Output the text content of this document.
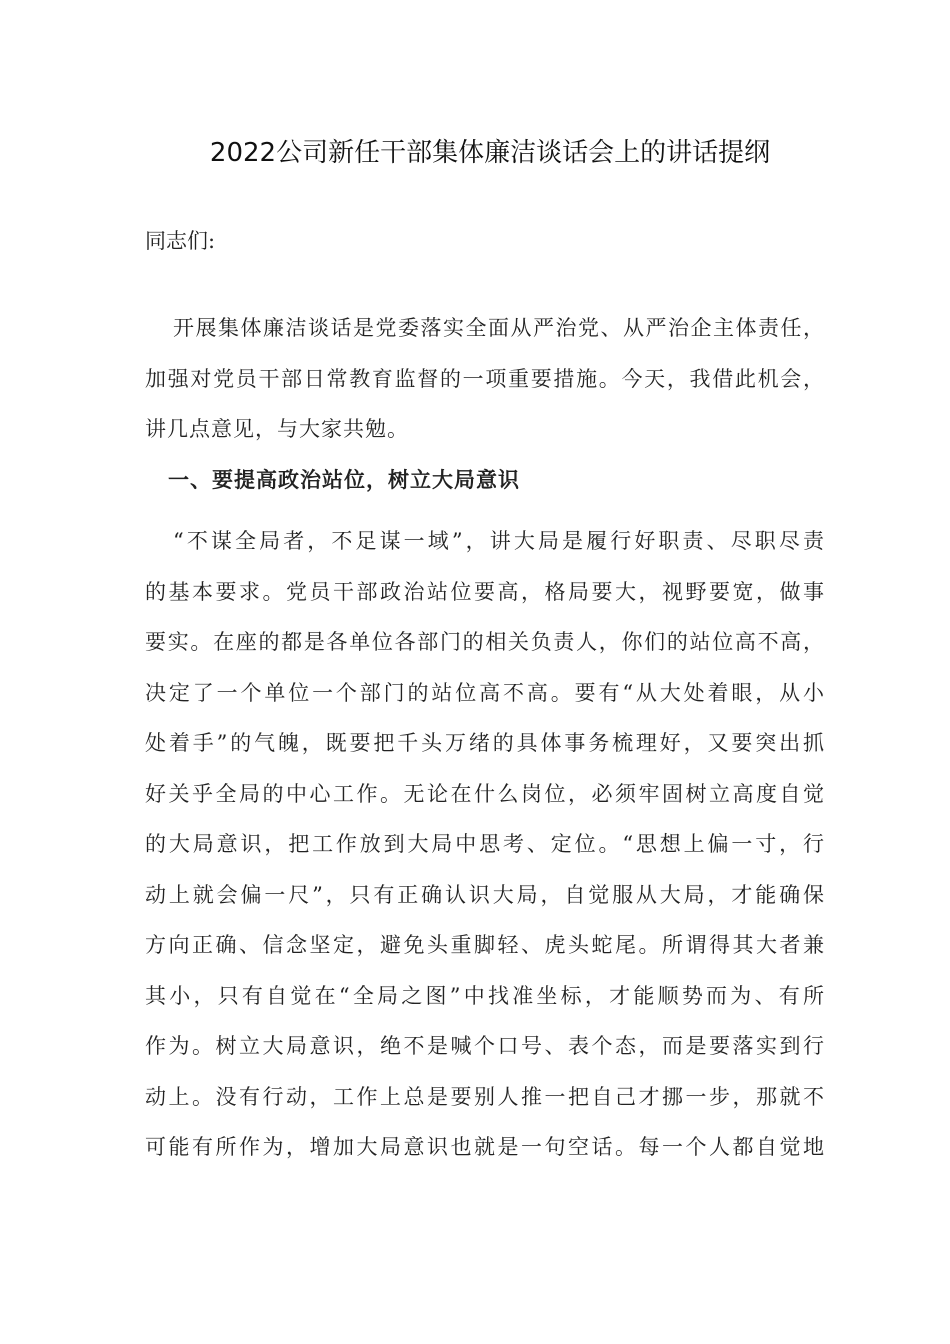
2022公司新任干部集体廉洁谈话会上的讲话提纲
同志们:
开展集体廉洁谈话是党委落实全面从严治党、从严治企主体责任，
加强对党员干部日常教育监督的一项重要措施。今天，我借此机会，
讲几点意见，与大家共勉。
一、要提高政治站位，树立大局意识
“不谋全局者，不足谋一域”，讲大局是履行好职责、尽职尽责
的基本要求。党员干部政治站位要高，格局要大，视野要宽，做事
要实。在座的都是各单位各部门的相关负责人，你们的站位高不高，
决定了一个单位一个部门的站位高不高。要有“从大处着眼，从小
处着手”的气魄，既要把千头万绪的具体事务梳理好，又要突出抓
好关乎全局的中心工作。无论在什么岗位，必须牢固树立高度自觉
的大局意识，把工作放到大局中思考、定位。“思想上偏一寸，行
动上就会偏一尺”，只有正确认识大局，自觉服从大局，才能确保
方向正确、信念坚定，避免头重脚轻、虎头蛇尾。所谓得其大者兼
其小，只有自觉在“全局之图”中找准坐标，才能顺势而为、有所
作为。树立大局意识，绝不是喊个口号、表个态，而是要落实到行
动上。没有行动，工作上总是要别人推一把自己才挪一步，那就不
可能有所作为，增加大局意识也就是一句空话。每一个人都自觉地
